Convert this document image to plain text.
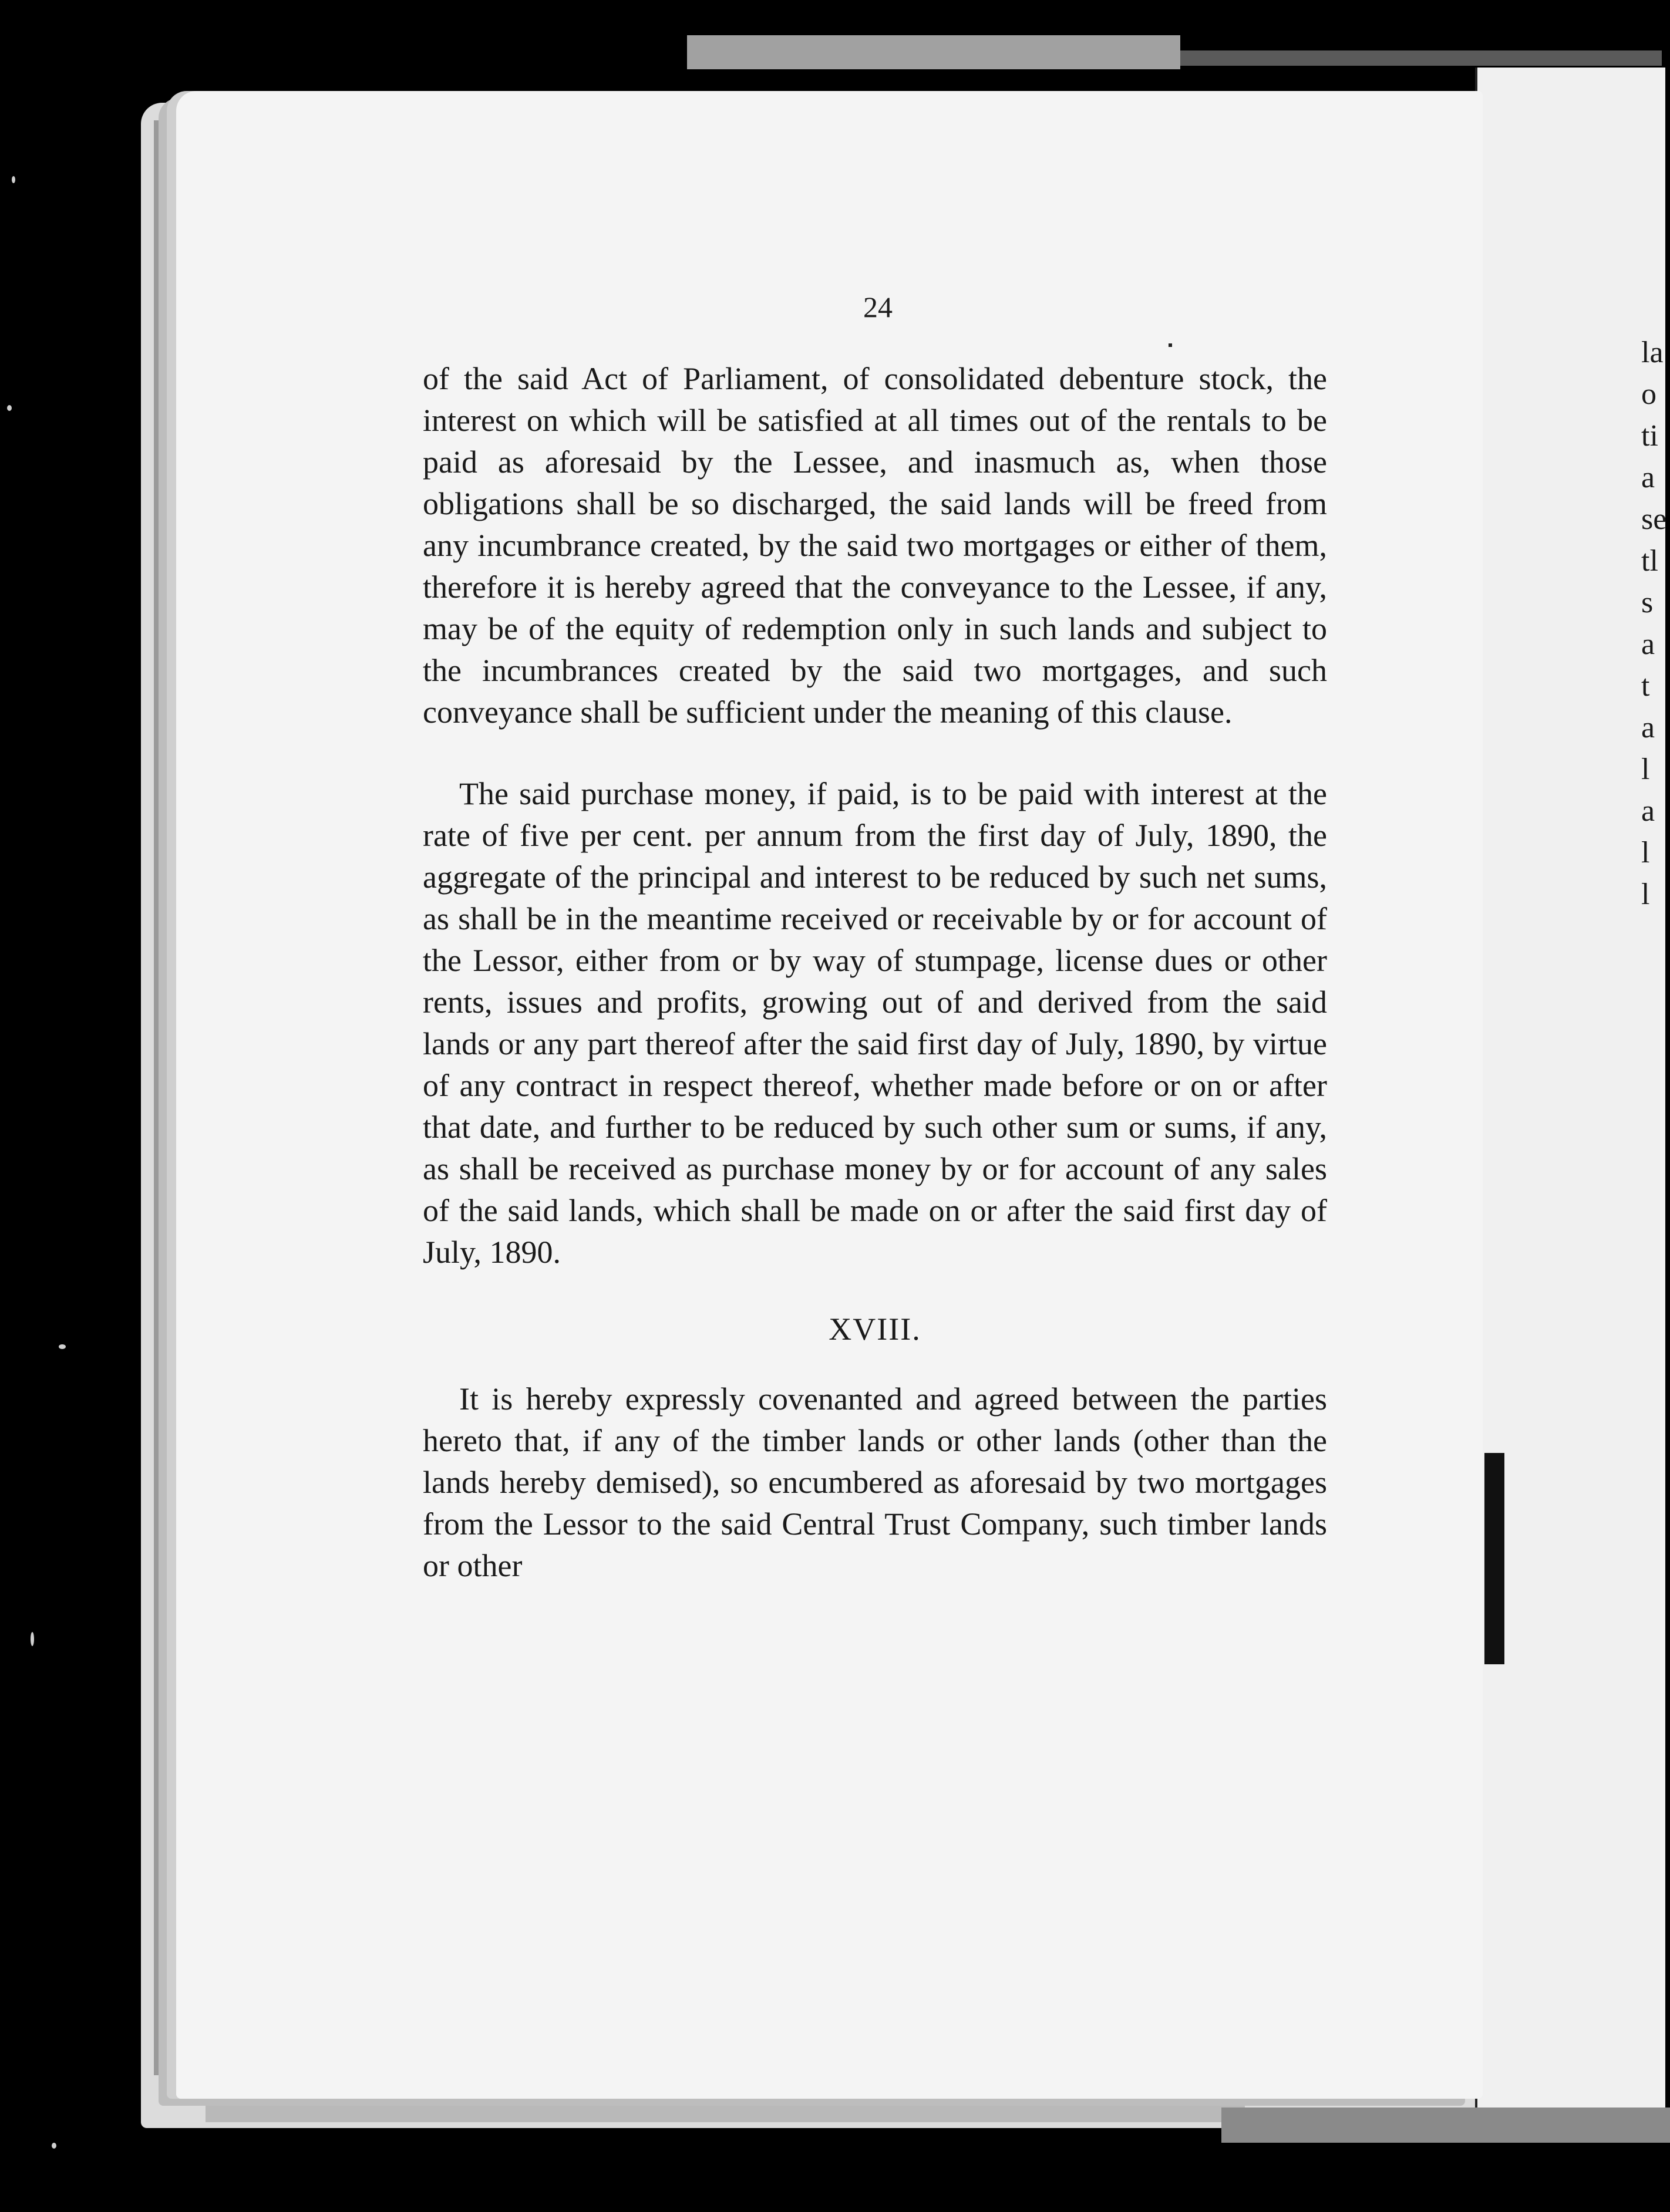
24

of the said Act of Parliament, of consolidated debenture stock, the interest on which will be satisfied at all times out of the rentals to be paid as aforesaid by the Lessee, and inasmuch as, when those obligations shall be so discharged, the said lands will be freed from any incumbrance created, by the said two mortgages or either of them, therefore it is hereby agreed that the conveyance to the Lessee, if any, may be of the equity of redemption only in such lands and subject to the incumbrances created by the said two mortgages, and such conveyance shall be sufficient under the meaning of this clause.

The said purchase money, if paid, is to be paid with interest at the rate of five per cent. per annum from the first day of July, 1890, the aggregate of the principal and interest to be reduced by such net sums, as shall be in the meantime received or receivable by or for account of the Lessor, either from or by way of stumpage, license dues or other rents, issues and profits, growing out of and derived from the said lands or any part thereof after the said first day of July, 1890, by virtue of any contract in respect thereof, whether made before or on or after that date, and further to be reduced by such other sum or sums, if any, as shall be received as purchase money by or for account of any sales of the said lands, which shall be made on or after the said first day of July, 1890.

XVIII.

It is hereby expressly covenanted and agreed between the parties hereto that, if any of the timber lands or other lands (other than the lands hereby demised), so encumbered as aforesaid by two mortgages from the Lessor to the said Central Trust Company, such timber lands or other

la
o
ti
a
se
tl
s
a
t
a
l
a
l
l
